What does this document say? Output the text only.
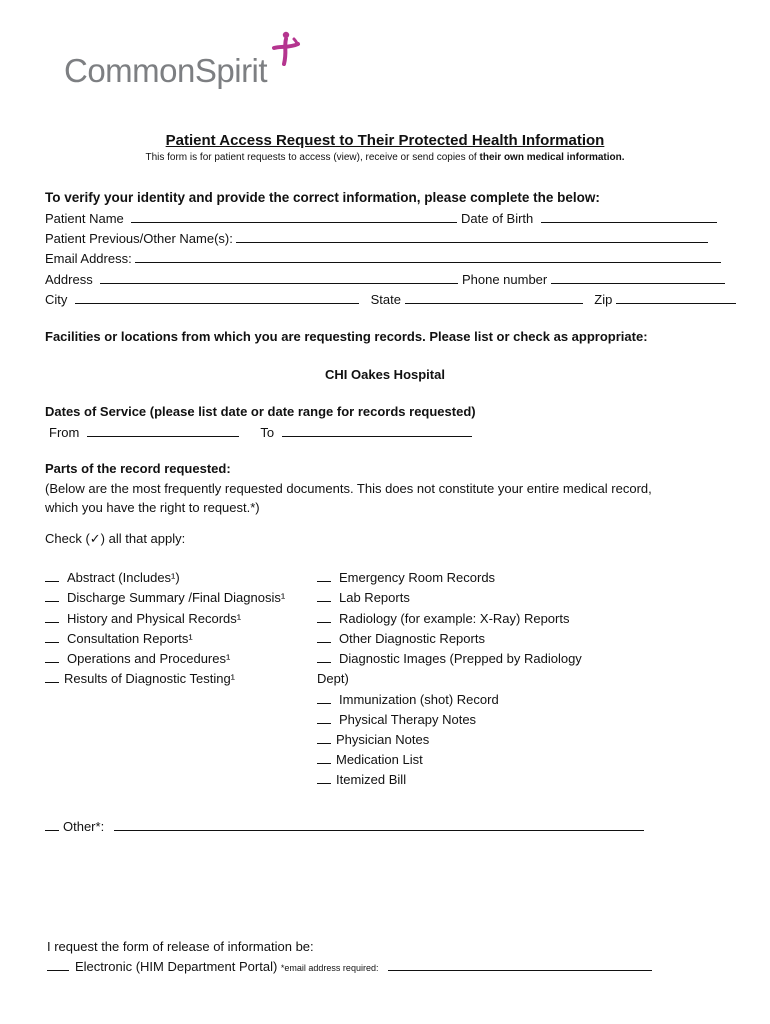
CommonSpirit
Patient Access Request to Their Protected Health Information
This form is for patient requests to access (view), receive or send copies of their own medical information.
To verify your identity and provide the correct information, please complete the below:
Patient Name	Date of Birth
Patient Previous/Other Name(s):
Email Address:
Address	Phone number
City	State	Zip
Facilities or locations from which you are requesting records. Please list or check as appropriate:
CHI Oakes Hospital
Dates of Service (please list date or date range for records requested)
From	To
Parts of the record requested:
(Below are the most frequently requested documents. This does not constitute your entire medical record,
which you have the right to request.*)
Check (✓) all that apply:
Abstract (Includes¹)
Discharge Summary /Final Diagnosis¹
History and Physical Records¹
Consultation Reports¹
Operations and Procedures¹
Results of Diagnostic Testing¹
Emergency Room Records
Lab Reports
Radiology (for example: X-Ray) Reports
Other Diagnostic Reports
Diagnostic Images (Prepped by Radiology
Dept)
Immunization (shot) Record
Physical Therapy Notes
Physician Notes
Medication List
Itemized Bill
Other*:
I request the form of release of information be:
Electronic (HIM Department Portal) *email address required:
